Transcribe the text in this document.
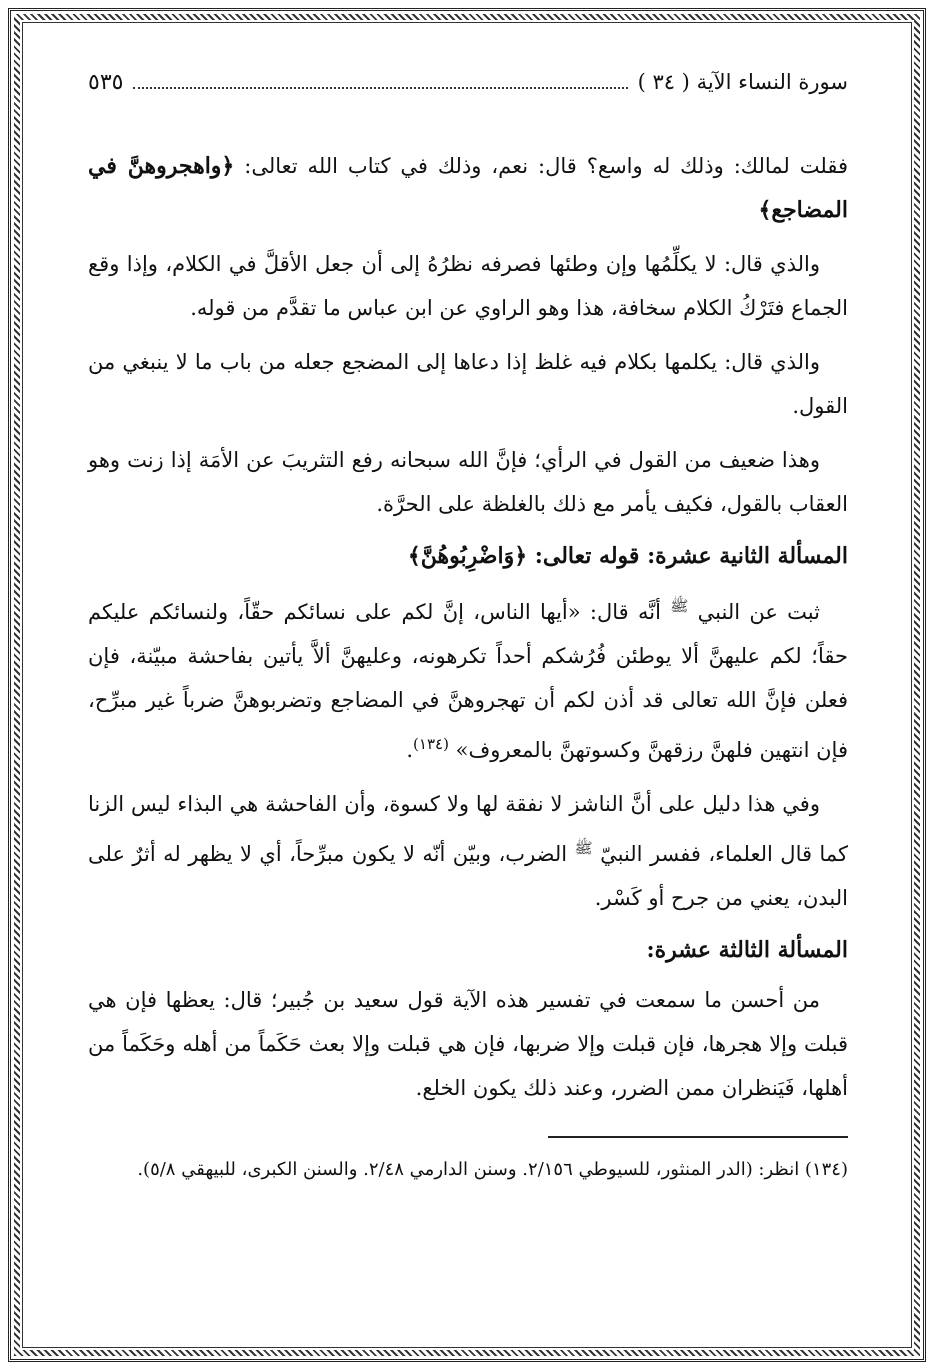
سورة النساء الآية ( ٣٤ )
٥٣٥

فقلت لمالك: وذلك له واسع؟ قال: نعم، وذلك في كتاب الله تعالى: ﴿واهجروهنَّ في المضاجع﴾

والذي قال: لا يكلِّمُها وإن وطئها فصرفه نظرُهُ إلى أن جعل الأقلَّ في الكلام، وإذا وقع الجماع فتَرْكُ الكلام سخافة، هذا وهو الراوي عن ابن عباس ما تقدَّم من قوله.

والذي قال: يكلمها بكلام فيه غلظ إذا دعاها إلى المضجع جعله من باب ما لا ينبغي من القول.

وهذا ضعيف من القول في الرأي؛ فإنَّ الله سبحانه رفع التثريبَ عن الأمَة إذا زنت وهو العقاب بالقول، فكيف يأمر مع ذلك بالغلظة على الحرَّة.

المسألة الثانية عشرة: قوله تعالى: ﴿وَاضْرِبُوهُنَّ﴾

ثبت عن النبي $^ﷺ$ أنَّه قال: «أيها الناس، إنَّ لكم على نسائكم حقّاً، ولنسائكم عليكم حقاً؛ لكم عليهنَّ ألا يوطئن فُرُشكم أحداً تكرهونه، وعليهنَّ ألاَّ يأتين بفاحشة مبيّنة، فإن فعلن فإنَّ الله تعالى قد أذن لكم أن تهجروهنَّ في المضاجع وتضربوهنَّ ضرباً غير مبرِّح، فإن انتهين فلهنَّ رزقهنَّ وكسوتهنَّ بالمعروف» $^{(١٣٤)}$.

وفي هذا دليل على أنَّ الناشز لا نفقة لها ولا كسوة، وأن الفاحشة هي البذاء ليس الزنا كما قال العلماء، ففسر النبيّ $^ﷺ$ الضرب، وبيّن أنّه لا يكون مبرِّحاً، أي لا يظهر له أثرٌ على البدن، يعني من جرح أو كَسْر.

المسألة الثالثة عشرة:

من أحسن ما سمعت في تفسير هذه الآية قول سعيد بن جُبير؛ قال: يعظها فإن هي قبلت وإلا هجرها، فإن قبلت وإلا ضربها، فإن هي قبلت وإلا بعث حَكَماً من أهله وحَكَماً من أهلها، فَيَنظران ممن الضرر، وعند ذلك يكون الخلع.

(١٣٤) انظر: (الدر المنثور، للسيوطي ٢/١٥٦. وسنن الدارمي ٢/٤٨. والسنن الكبرى، للبيهقي ٥/٨).
